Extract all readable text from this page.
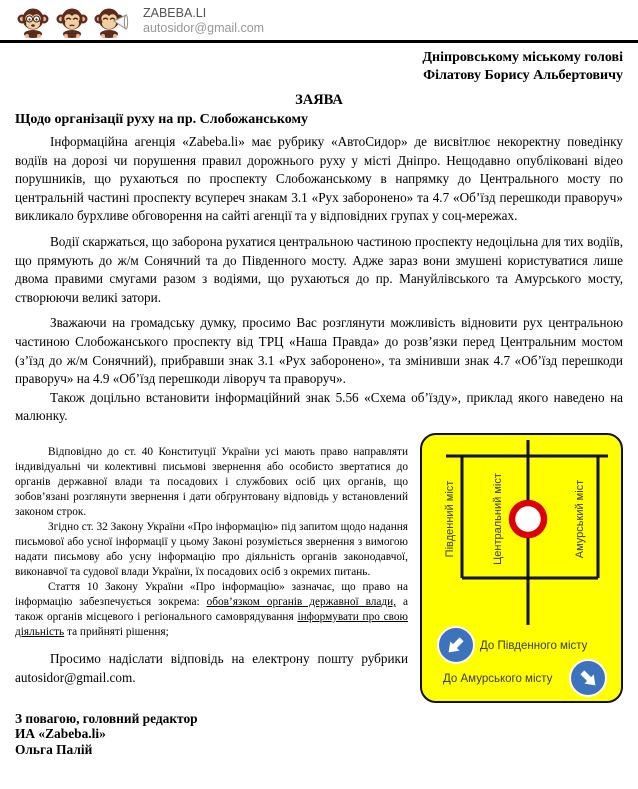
ZABEBA.LI
autosidor@gmail.com
Дніпровському міському голові
Філатову Борису Альбертовичу
ЗАЯВА
Щодо організації руху на пр. Слобожанському

Інформаційна агенція «Zabeba.li» має рубрику «АвтоСидор» де висвітлює некоректну поведінку водіїв на дорозі чи порушення правил дорожнього руху у місті Дніпро. Нещодавно опубліковані відео порушників, що рухаються по проспекту Слобожанському в напрямку до Центрального мосту по центральній частині проспекту всупереч знакам 3.1 «Рух заборонено» та 4.7 «Об’їзд перешкоди праворуч» викликало бурхливе обговорення на сайті агенції та у відповідних групах у соц-мережах.

Водії скаржаться, що заборона рухатися центральною частиною проспекту недоцільна для тих водіїв, що прямують до ж/м Сонячний та до Південного мосту. Адже зараз вони змушені користуватися лише двома правими смугами разом з водіями, що рухаються до пр. Мануйлівського та Амурського мосту, створюючи великі затори.

Зважаючи на громадську думку, просимо Вас розглянути можливість відновити рух центральною частиною Слобожанського проспекту від ТРЦ «Наша Правда» до розв’язки перед Центральним мостом (з’їзд до ж/м Сонячний), прибравши знак 3.1 «Рух заборонено», та змінивши знак 4.7 «Об’їзд перешкоди праворуч» на 4.9 «Об’їзд перешкоди ліворуч та праворуч».

Також доцільно встановити інформаційний знак 5.56 «Схема об’їзду», приклад якого наведено на малюнку.

Відповідно до ст. 40 Конституції України усі мають право направляти індивідуальні чи колективні письмові звернення або особисто звертатися до органів державної влади та посадових і службових осіб цих органів, що зобов’язані розглянути звернення і дати обґрунтовану відповідь у встановлений законом строк.

Згідно ст. 32 Закону України «Про інформацію» під запитом щодо надання письмової або усної інформації у цьому Законі розуміється звернення з вимогою надати письмову або усну інформацію про діяльність органів законодавчої, виконавчої та судової влади України, їх посадових осіб з окремих питань.

Стаття 10 Закону України «Про інформацію» зазначає, що право на інформацію забезпечується зокрема: обов’язком органів державної влади, а також органів місцевого і регіонального самоврядування інформувати про свою діяльність та прийняті рішення;

Просимо надіслати відповідь на електрону пошту рубрики autosidor@gmail.com.

Південний міст	Центральний міст	Амурський міст
До Південного місту
До Амурського місту
З повагою, головний редактор
ИА «Zabeba.li»
Ольга Палій
